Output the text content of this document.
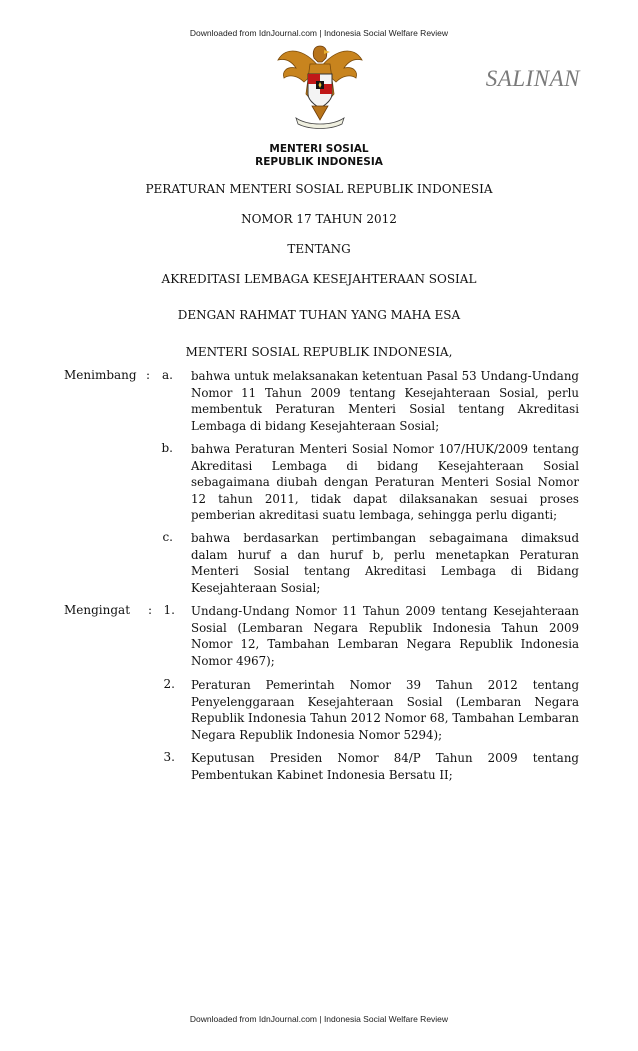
Downloaded from IdnJournal.com | Indonesia Social Welfare Review
SALINAN
MENTERI SOSIAL
REPUBLIK INDONESIA
PERATURAN MENTERI SOSIAL REPUBLIK INDONESIA
NOMOR 17 TAHUN 2012
TENTANG
AKREDITASI LEMBAGA KESEJAHTERAAN SOSIAL
DENGAN RAHMAT TUHAN YANG MAHA ESA
MENTERI SOSIAL REPUBLIK INDONESIA,
Menimbang : a. bahwa untuk melaksanakan ketentuan Pasal 53 Undang-Undang Nomor 11 Tahun 2009 tentang Kesejahteraan Sosial, perlu membentuk Peraturan Menteri Sosial tentang Akreditasi Lembaga di bidang Kesejahteraan Sosial;
b. bahwa Peraturan Menteri Sosial Nomor 107/HUK/2009 tentang Akreditasi Lembaga di bidang Kesejahteraan Sosial sebagaimana diubah dengan Peraturan Menteri Sosial Nomor 12 tahun 2011, tidak dapat dilaksanakan sesuai proses pemberian akreditasi suatu lembaga, sehingga perlu diganti;
c. bahwa berdasarkan pertimbangan sebagaimana dimaksud dalam huruf a dan huruf b, perlu menetapkan Peraturan Menteri Sosial tentang Akreditasi Lembaga di Bidang Kesejahteraan Sosial;
Mengingat : 1. Undang-Undang Nomor 11 Tahun 2009 tentang Kesejahteraan Sosial (Lembaran Negara Republik Indonesia Tahun 2009 Nomor 12, Tambahan Lembaran Negara Republik Indonesia Nomor 4967);
2. Peraturan Pemerintah Nomor 39 Tahun 2012 tentang Penyelenggaraan Kesejahteraan Sosial (Lembaran Negara Republik Indonesia Tahun 2012 Nomor 68, Tambahan Lembaran Negara Republik Indonesia Nomor 5294);
3. Keputusan Presiden Nomor 84/P Tahun 2009 tentang Pembentukan Kabinet Indonesia Bersatu II;
Downloaded from IdnJournal.com | Indonesia Social Welfare Review
